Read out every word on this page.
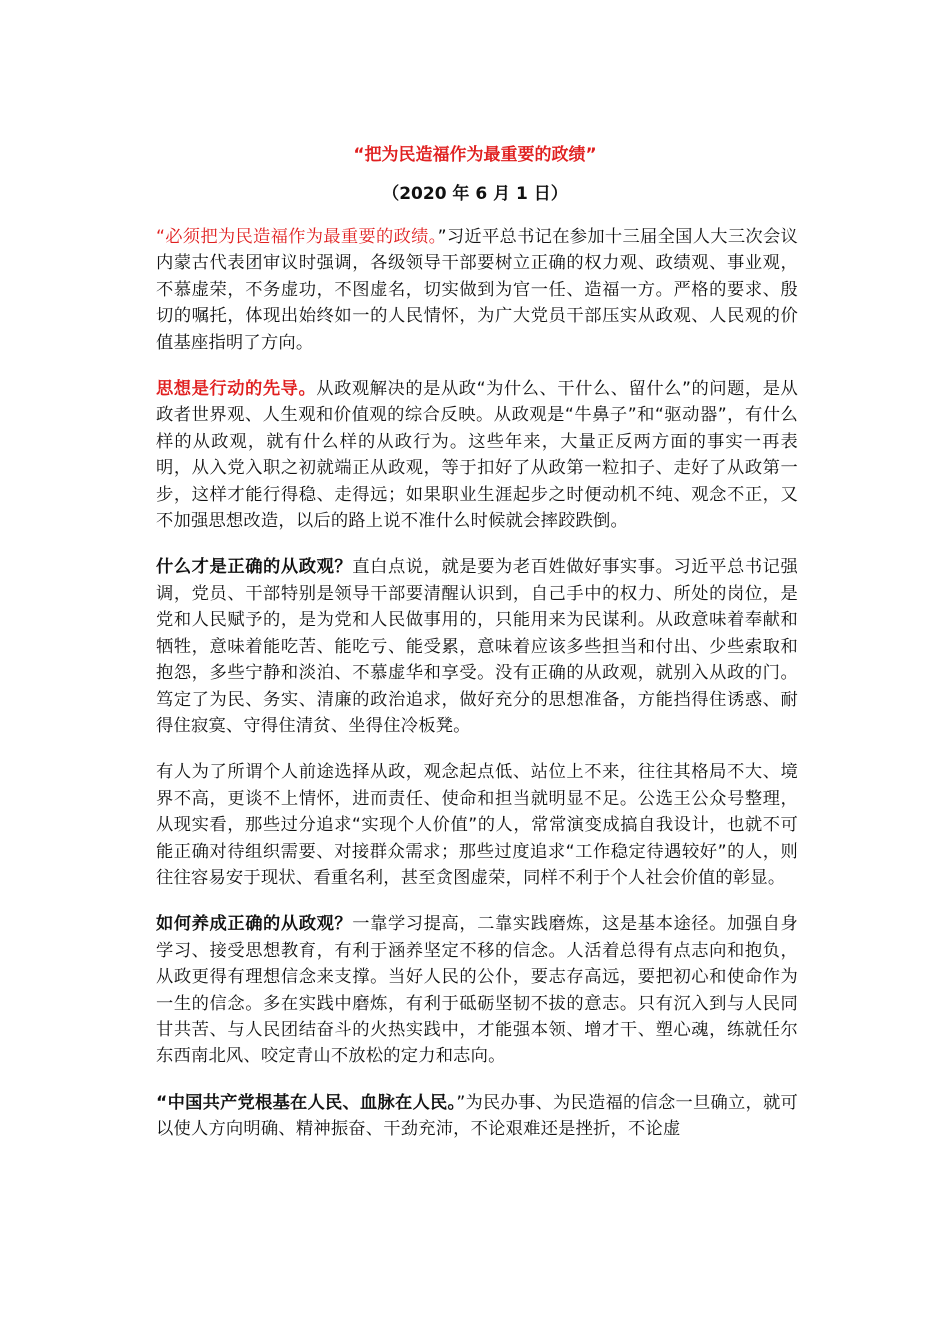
“把为民造福作为最重要的政绩”
（2020 年 6 月 1 日）

“必须把为民造福作为最重要的政绩。”习近平总书记在参加十三届全国人大三次会议内蒙古代表团审议时强调，各级领导干部要树立正确的权力观、政绩观、事业观，不慕虚荣，不务虚功，不图虚名，切实做到为官一任、造福一方。严格的要求、殷切的嘱托，体现出始终如一的人民情怀，为广大党员干部压实从政观、人民观的价值基座指明了方向。

思想是行动的先导。从政观解决的是从政“为什么、干什么、留什么”的问题，是从政者世界观、人生观和价值观的综合反映。从政观是“牛鼻子”和“驱动器”，有什么样的从政观，就有什么样的从政行为。这些年来，大量正反两方面的事实一再表明，从入党入职之初就端正从政观，等于扣好了从政第一粒扣子、走好了从政第一步，这样才能行得稳、走得远；如果职业生涯起步之时便动机不纯、观念不正，又不加强思想改造，以后的路上说不准什么时候就会摔跤跌倒。

什么才是正确的从政观？直白点说，就是要为老百姓做好事实事。习近平总书记强调，党员、干部特别是领导干部要清醒认识到，自己手中的权力、所处的岗位，是党和人民赋予的，是为党和人民做事用的，只能用来为民谋利。从政意味着奉献和牺牲，意味着能吃苦、能吃亏、能受累，意味着应该多些担当和付出、少些索取和抱怨，多些宁静和淡泊、不慕虚华和享受。没有正确的从政观，就别入从政的门。笃定了为民、务实、清廉的政治追求，做好充分的思想准备，方能挡得住诱惑、耐得住寂寞、守得住清贫、坐得住冷板凳。

有人为了所谓个人前途选择从政，观念起点低、站位上不来，往往其格局不大、境界不高，更谈不上情怀，进而责任、使命和担当就明显不足。公选王公众号整理，从现实看，那些过分追求“实现个人价值”的人，常常演变成搞自我设计，也就不可能正确对待组织需要、对接群众需求；那些过度追求“工作稳定待遇较好”的人，则往往容易安于现状、看重名利，甚至贪图虚荣，同样不利于个人社会价值的彰显。

如何养成正确的从政观？一靠学习提高，二靠实践磨炼，这是基本途径。加强自身学习、接受思想教育，有利于涵养坚定不移的信念。人活着总得有点志向和抱负，从政更得有理想信念来支撑。当好人民的公仆，要志存高远，要把初心和使命作为一生的信念。多在实践中磨炼，有利于砥砺坚韧不拔的意志。只有沉入到与人民同甘共苦、与人民团结奋斗的火热实践中，才能强本领、增才干、塑心魂，练就任尔东西南北风、咬定青山不放松的定力和志向。

“中国共产党根基在人民、血脉在人民。”为民办事、为民造福的信念一旦确立，就可以使人方向明确、精神振奋、干劲充沛，不论艰难还是挫折，不论虚
